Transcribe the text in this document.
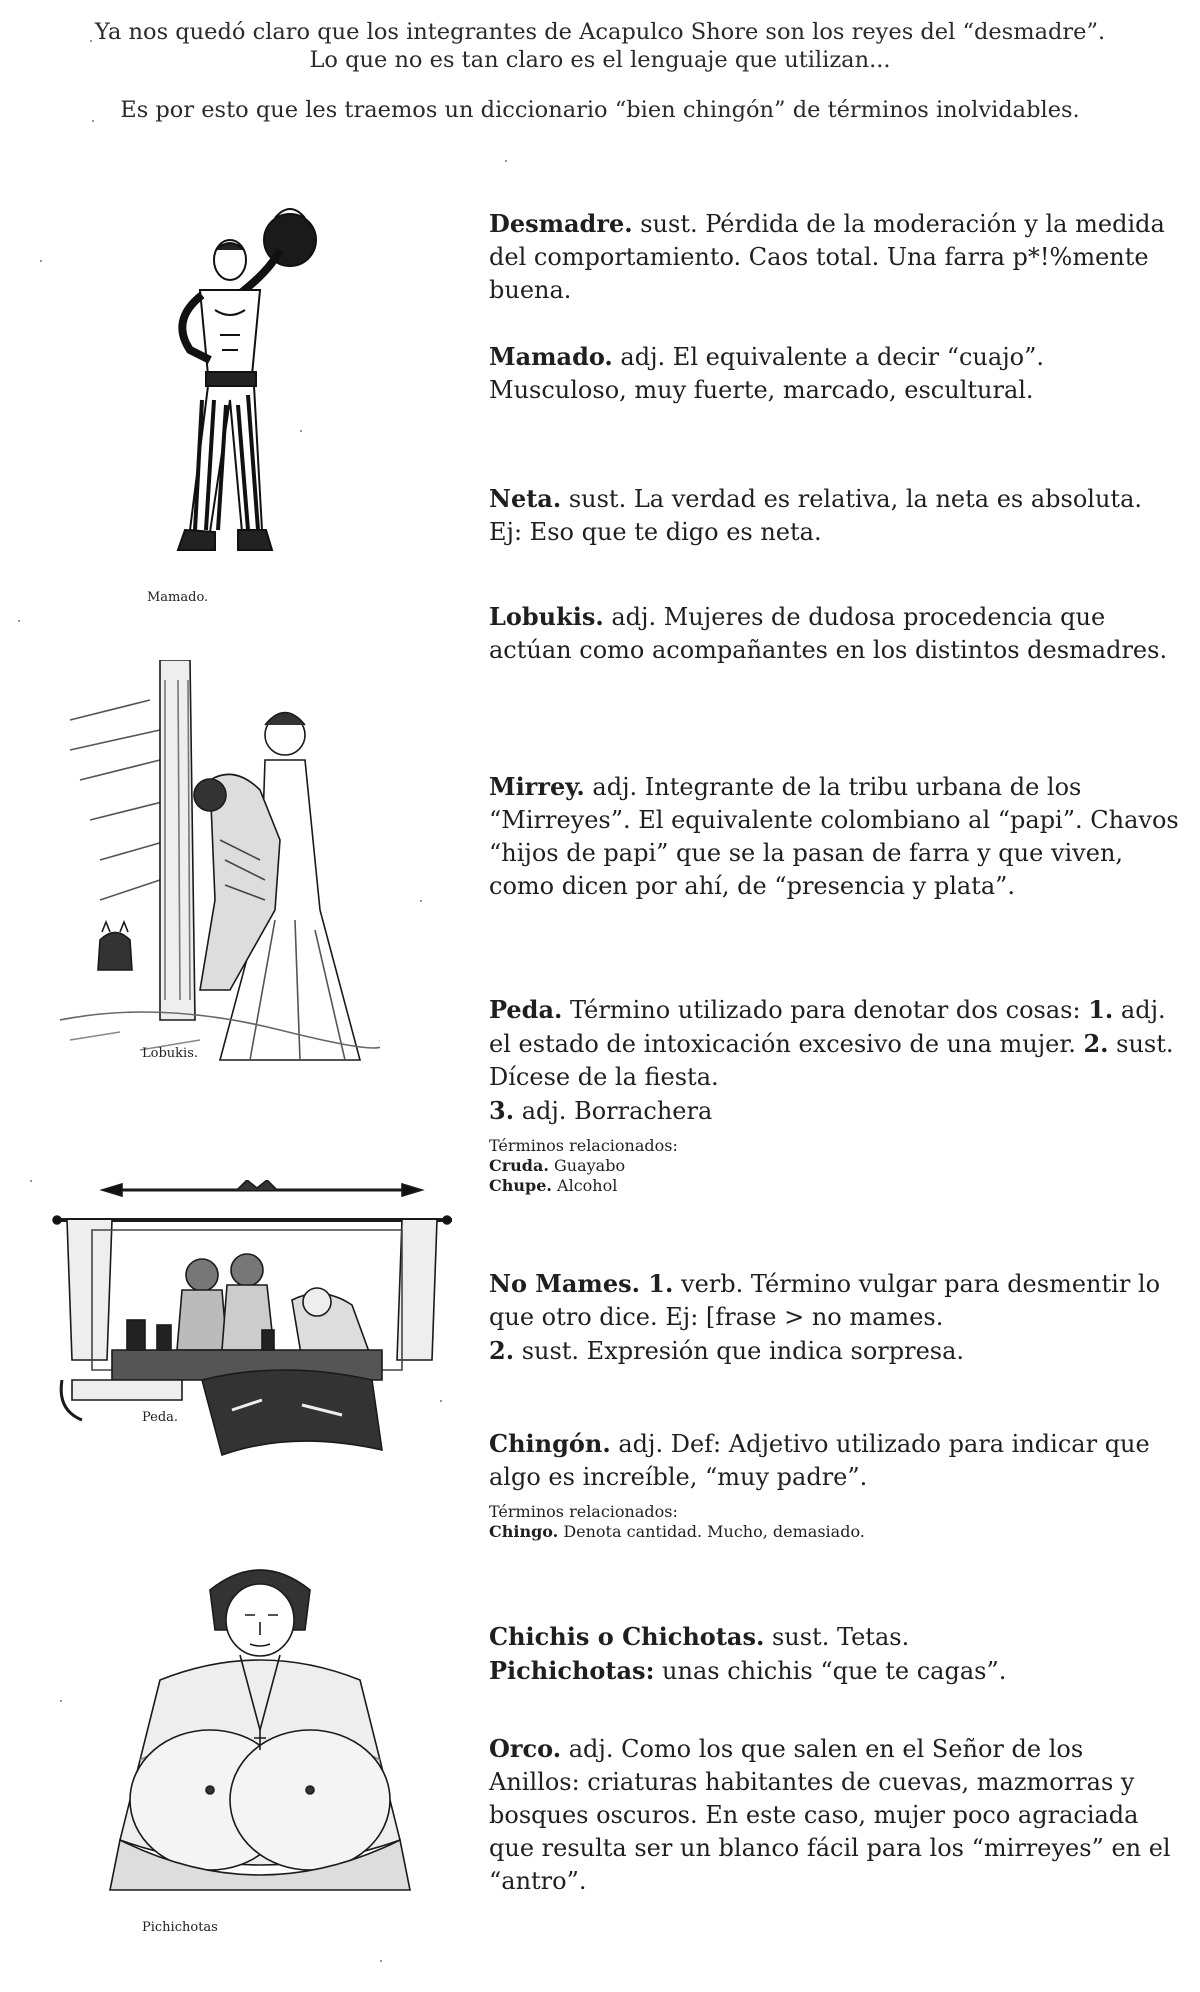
Ya nos quedó claro que los integrantes de Acapulco Shore son los reyes del “desmadre”.

Lo que no es tan claro es el lenguaje que utilizan...

Es por esto que les traemos un diccionario “bien chingón” de términos inolvidables.

Mamado.
Lobukis.
Peda.
Pichichotas

Desmadre. sust. Pérdida de la moderación y la medida del comportamiento. Caos total. Una farra p*!%mente buena.

Mamado. adj. El equivalente a decir “cuajo”. Musculoso, muy fuerte, marcado, escultural.

Neta. sust. La verdad es relativa, la neta es absoluta. Ej: Eso que te digo es neta.

Lobukis. adj. Mujeres de dudosa procedencia que actúan como acompañantes en los distintos desmadres.

Mirrey. adj. Integrante de la tribu urbana de los “Mirreyes”. El equivalente colombiano al “papi”. Chavos “hijos de papi” que se la pasan de farra y que viven, como dicen por ahí, de “presencia y plata”.

Peda. Término utilizado para denotar dos cosas: 1. adj. el estado de intoxicación excesivo de una mujer. 2. sust. Dícese de la fiesta.
3. adj. Borrachera

Términos relacionados:
Cruda. Guayabo
Chupe. Alcohol

No Mames. 1. verb. Término vulgar para desmentir lo que otro dice. Ej: [frase > no mames.
2. sust. Expresión que indica sorpresa.

Chingón. adj. Def: Adjetivo utilizado para indicar que algo es increíble, “muy padre”.

Términos relacionados:
Chingo. Denota cantidad. Mucho, demasiado.

Chichis o Chichotas. sust. Tetas.

Pichichotas: unas chichis “que te cagas”.

Orco. adj. Como los que salen en el Señor de los Anillos: criaturas habitantes de cuevas, mazmorras y bosques oscuros. En este caso, mujer poco agraciada que resulta ser un blanco fácil para los “mirreyes” en el “antro”.
